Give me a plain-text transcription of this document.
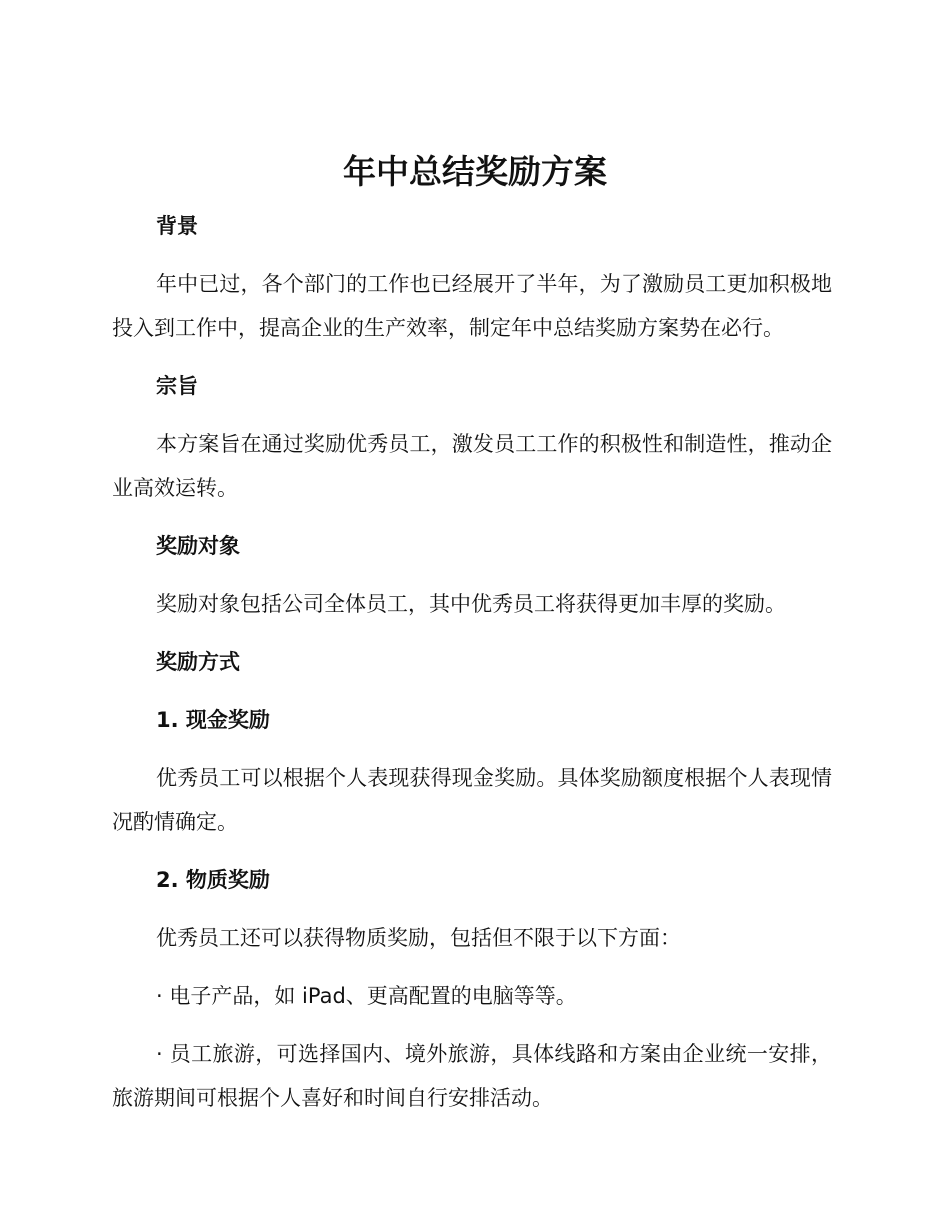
年中总结奖励方案

背景

年中已过，各个部门的工作也已经展开了半年，为了激励员工更加积极地投入到工作中，提高企业的生产效率，制定年中总结奖励方案势在必行。

宗旨

本方案旨在通过奖励优秀员工，激发员工工作的积极性和制造性，推动企业高效运转。

奖励对象

奖励对象包括公司全体员工，其中优秀员工将获得更加丰厚的奖励。

奖励方式

1. 现金奖励

优秀员工可以根据个人表现获得现金奖励。具体奖励额度根据个人表现情况酌情确定。

2. 物质奖励

优秀员工还可以获得物质奖励，包括但不限于以下方面：

· 电子产品，如 iPad、更高配置的电脑等等。

· 员工旅游，可选择国内、境外旅游，具体线路和方案由企业统一安排，旅游期间可根据个人喜好和时间自行安排活动。
